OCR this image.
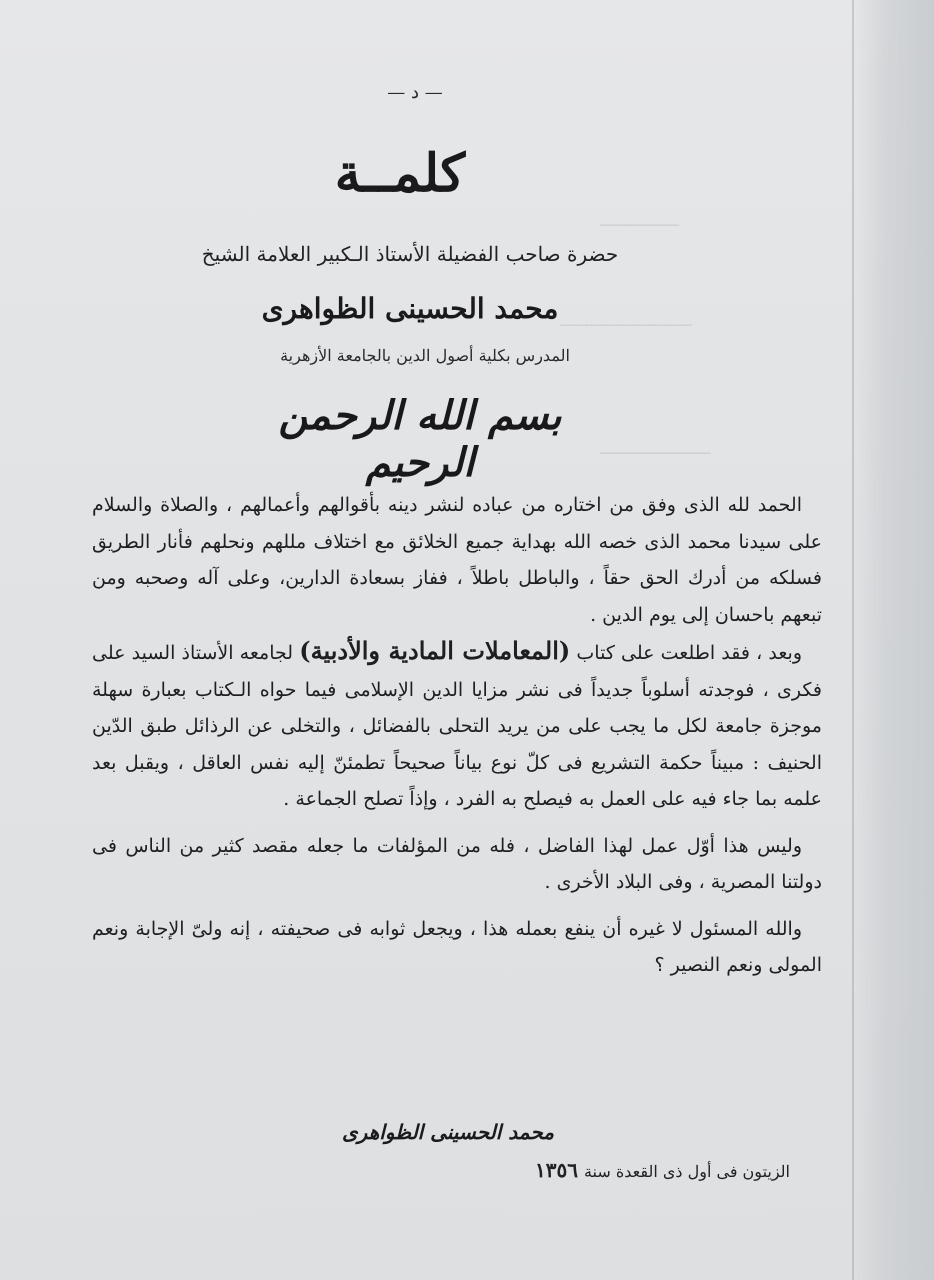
ـــــــــــــــ
ـــــــــــــــــــــــــ
ـــــــــــــــــــــ
— د —
كلمــة
حضرة صاحب الفضيلة الأستاذ الـكبير العلامة الشيخ
محمد الحسينى الظواهرى
المدرس بكلية أصول الدين بالجامعة الأزهرية
بسم الله الرحمن الرحيم

الحمد لله الذى وفق من اختاره من عباده لنشر دينه بأقوالهم وأعمالهم ، والصلاة والسلام على سيدنا محمد الذى خصه الله بهداية جميع الخلائق مع اختلاف مللهم ونحلهم فأنار الطريق فسلكه من أدرك الحق حقاً ، والباطل باطلاً ، ففاز بسعادة الدارين، وعلى آله وصحبه ومن تبعهم باحسان إلى يوم الدين .

وبعد ، فقد اطلعت على كتاب (المعاملات المادية والأدبية) لجامعه الأستاذ السيد على فكرى ، فوجدته أسلوباً جديداً فى نشر مزايا الدين الإسلامى فيما حواه الـكتاب بعبارة سهلة موجزة جامعة لكل ما يجب على من يريد التحلى بالفضائل ، والتخلى عن الرذائل طبق الدّين الحنيف : مبيناً حكمة التشريع فى كلّ نوع بياناً صحيحاً تطمئنّ إليه نفس العاقل ، ويقبل بعد علمه بما جاء فيه على العمل به فيصلح به الفرد ، وإذاً تصلح الجماعة .

وليس هذا أوّل عمل لهذا الفاضل ، فله من المؤلفات ما جعله مقصد كثير من الناس فى دولتنا المصرية ، وفى البلاد الأخرى .

والله المسئول لا غيره أن ينفع بعمله هذا ، ويجعل ثوابه فى صحيفته ، إنه ولىّ الإجابة ونعم المولى ونعم النصير ؟

محمد الحسينى الظواهرى
الزيتون فى أول ذى القعدة سنة١٣٥٦
